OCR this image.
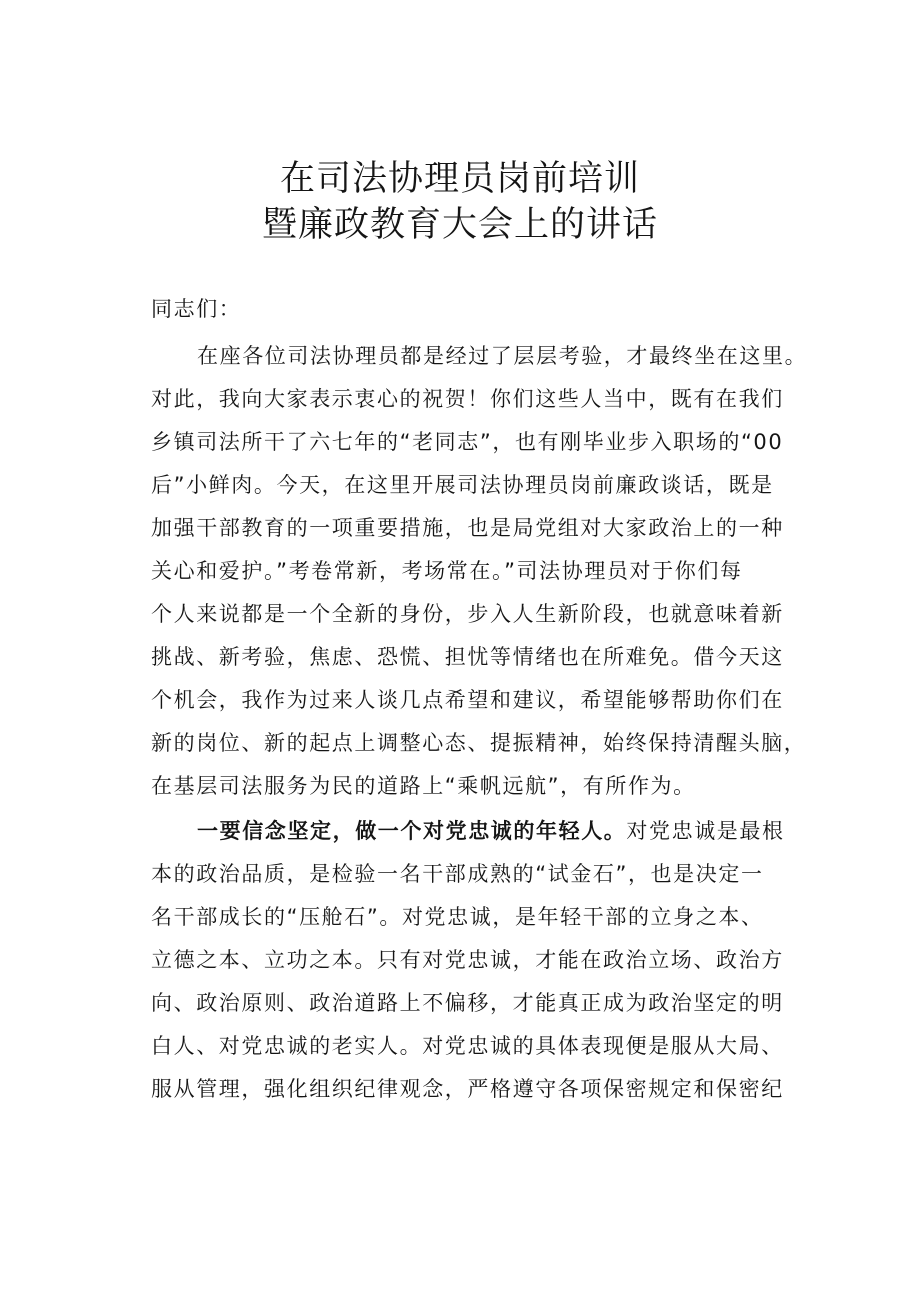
在司法协理员岗前培训
暨廉政教育大会上的讲话
同志们：
在座各位司法协理员都是经过了层层考验，才最终坐在这里。
对此，我向大家表示衷心的祝贺！你们这些人当中，既有在我们
乡镇司法所干了六七年的“老同志”，也有刚毕业步入职场的“00
后”小鲜肉。今天，在这里开展司法协理员岗前廉政谈话，既是
加强干部教育的一项重要措施，也是局党组对大家政治上的一种
关心和爱护。”考卷常新，考场常在。”司法协理员对于你们每
个人来说都是一个全新的身份，步入人生新阶段，也就意味着新
挑战、新考验，焦虑、恐慌、担忧等情绪也在所难免。借今天这
个机会，我作为过来人谈几点希望和建议，希望能够帮助你们在
新的岗位、新的起点上调整心态、提振精神，始终保持清醒头脑，
在基层司法服务为民的道路上“乘帆远航”，有所作为。
一要信念坚定，做一个对党忠诚的年轻人。对党忠诚是最根
本的政治品质，是检验一名干部成熟的“试金石”，也是决定一
名干部成长的“压舱石”。对党忠诚，是年轻干部的立身之本、
立德之本、立功之本。只有对党忠诚，才能在政治立场、政治方
向、政治原则、政治道路上不偏移，才能真正成为政治坚定的明
白人、对党忠诚的老实人。对党忠诚的具体表现便是服从大局、
服从管理，强化组织纪律观念，严格遵守各项保密规定和保密纪
